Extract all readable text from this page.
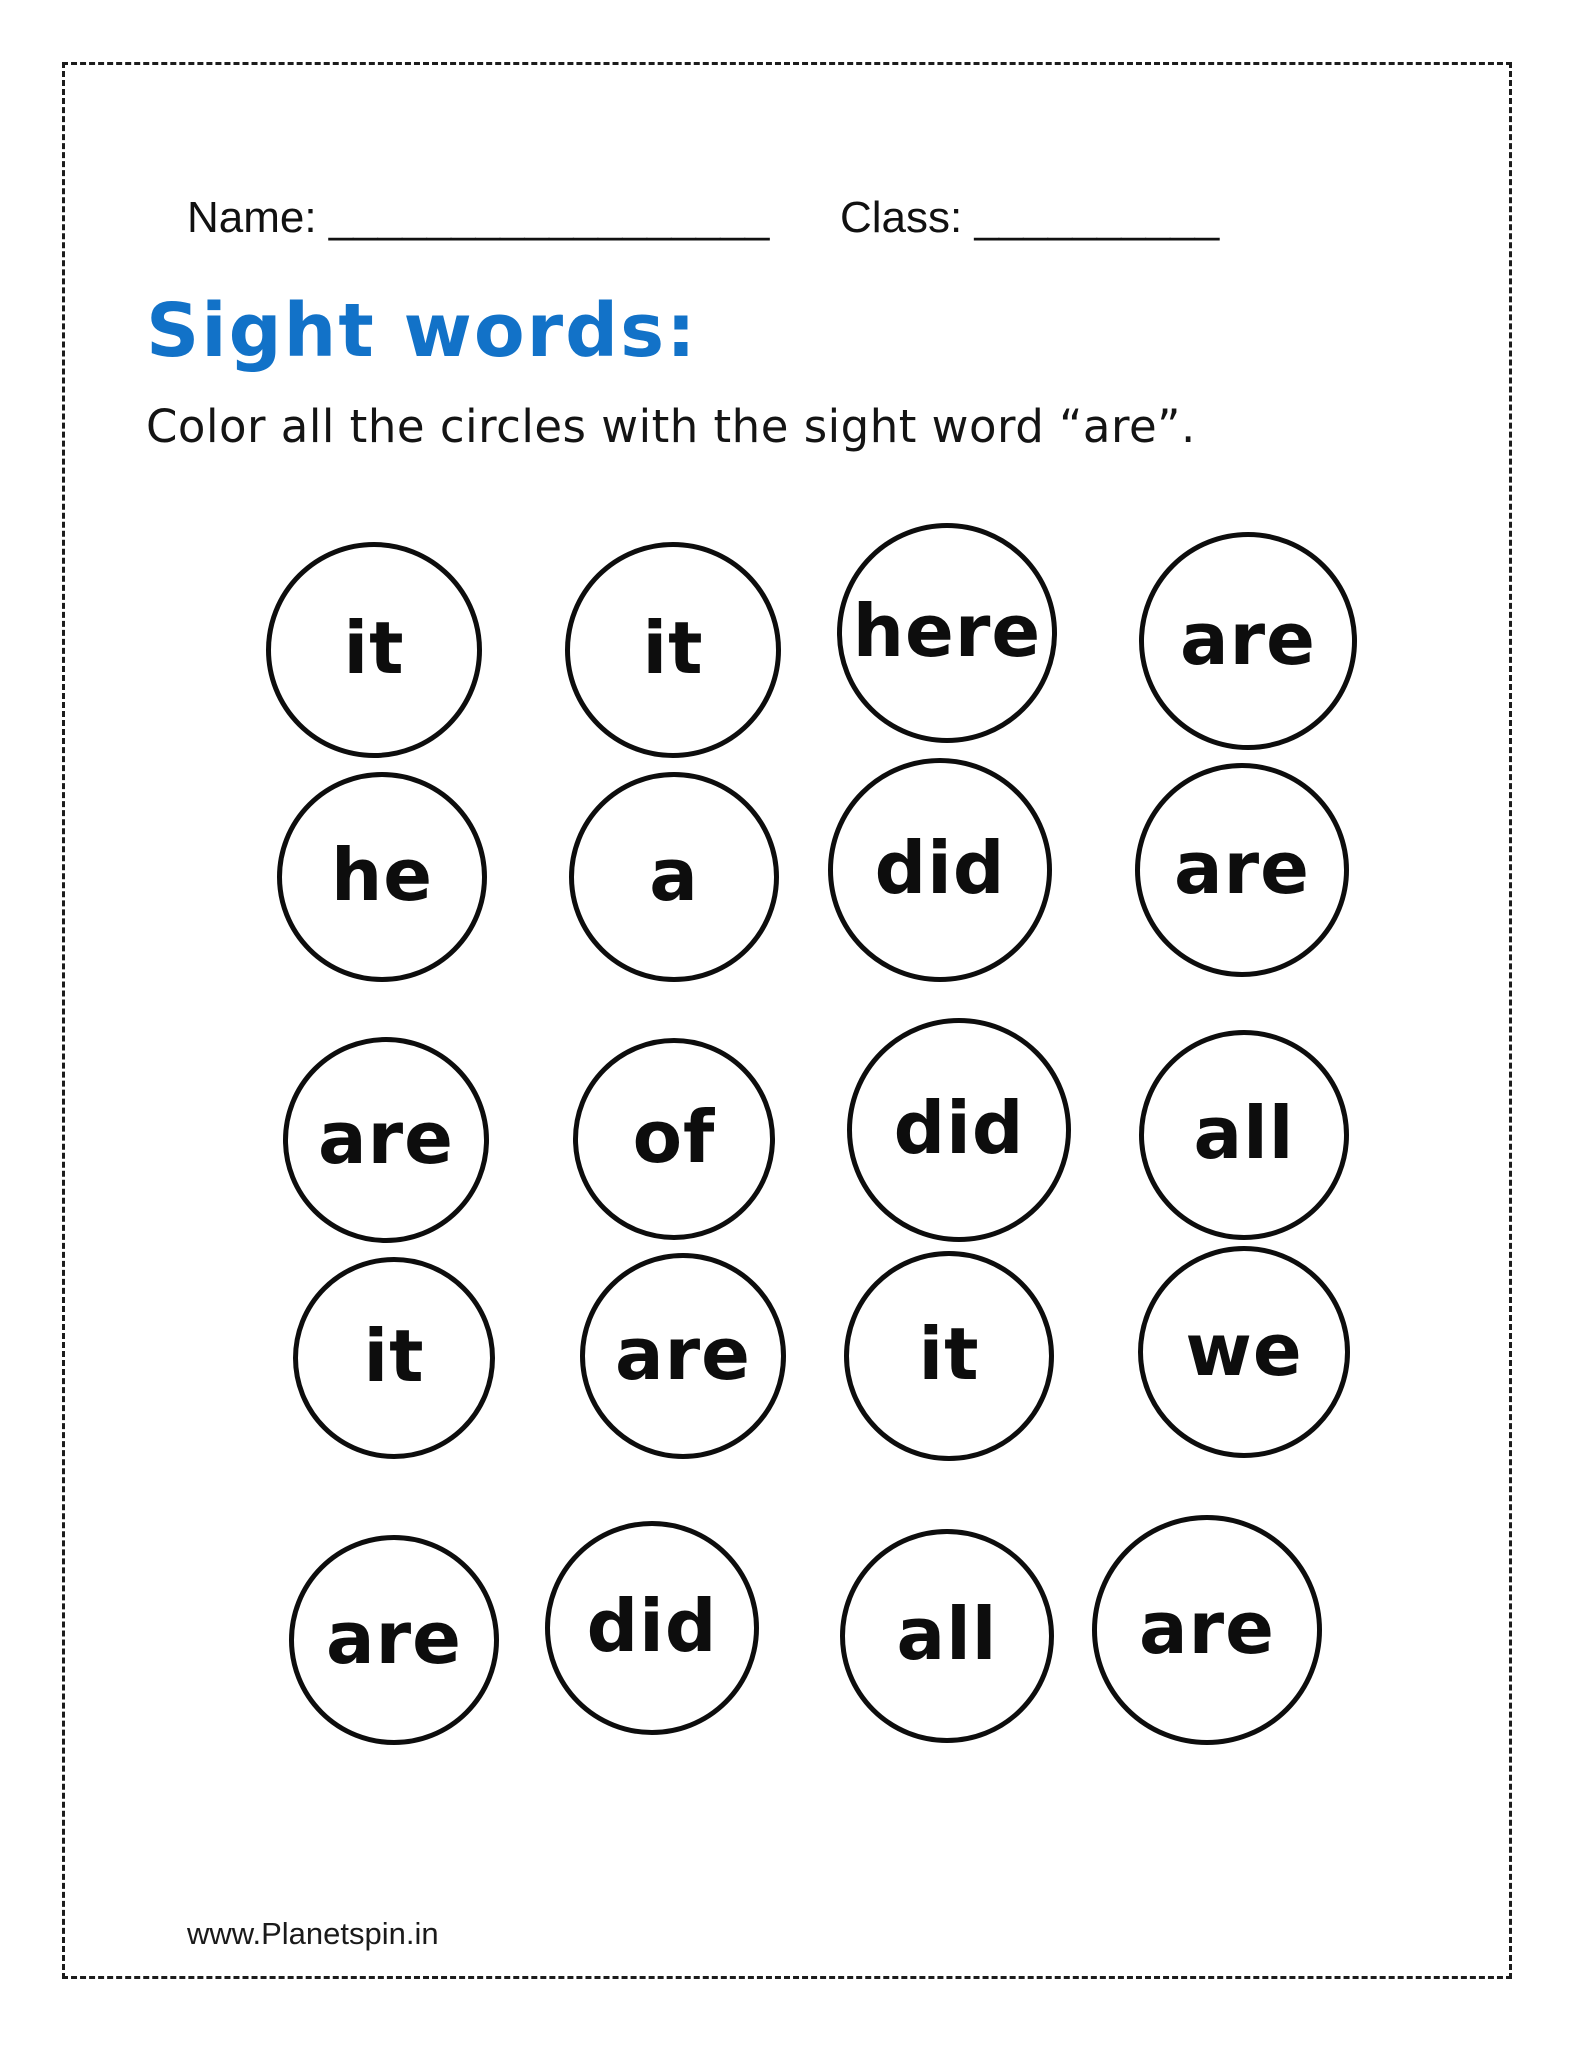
Name: __________________ Class: __________
Sight words:
Color all the circles with the sight word “are”.
it	it here are
he	a did are
are of did all
it	are it	we
are did all are
www.Planetspin.in
